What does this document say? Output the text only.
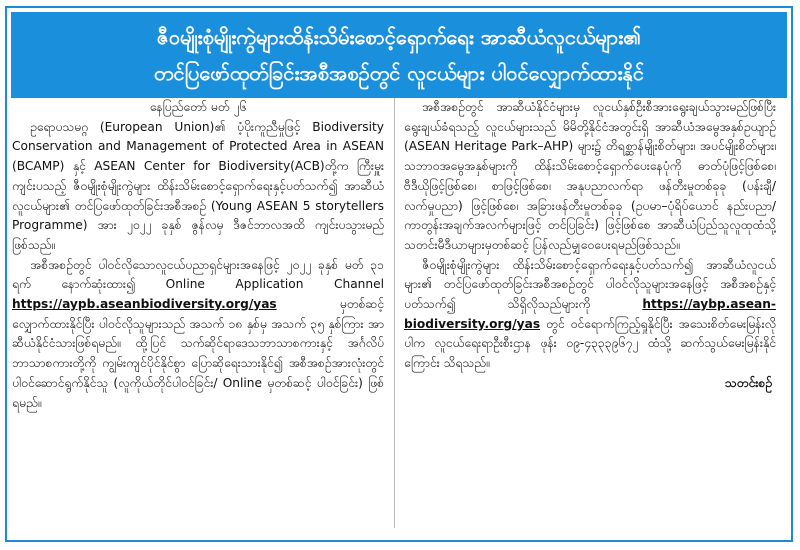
ဇီဝမျိုးစုံမျိုးကွဲများထိန်းသိမ်းစောင့်ရှောက်ရေး အာဆီယံလူငယ်များ၏
တင်ပြဖော်ထုတ်ခြင်းအစီအစဉ်တွင် လူငယ်များ ပါဝင်လျှောက်ထားနိုင်

နေပြည်တော် မတ် ၂၆

ဥရောပသမဂ္ဂ (European Union)၏ ပံ့ပိုးကူညီမှုဖြင့် Biodiversity Conservation and Management of Protected Area in ASEAN (BCAMP) နှင့် ASEAN Center for Biodiversity(ACB)တို့က ကြီးမှူးကျင်းပသည့် ဇီဝမျိုးစုံမျိုးကွဲများ ထိန်းသိမ်းစောင့်ရှောက်ရေးနှင့်ပတ်သက်၍ အာဆီယံလူငယ်များ၏ တင်ပြဖော်ထုတ်ခြင်းအစီအစဉ် (Young ASEAN 5 storytellers Programme) အား ၂၀၂၂ ခုနှစ် ဇွန်လမှ ဒီဇင်ဘာလအထိ ကျင်းပသွားမည်ဖြစ်သည်။

အစီအစဉ်တွင် ပါဝင်လိုသောလူငယ်ပညာရှင်များအနေဖြင့် ၂၀၂၂ ခုနှစ် မတ် ၃၁ ရက် နောက်ဆုံးထား၍ Online Application Channel https://aypb.aseanbiodiversity.org/yas မှတစ်ဆင့် လျှောက်ထားနိုင်ပြီး ပါဝင်လိုသူများသည် အသက် ၁၈ နှစ်မှ အသက် ၃၅ နှစ်ကြား အာဆီယံနိုင်ငံသားဖြစ်ရမည်။ ထို့ပြင် သက်ဆိုင်ရာဒေသဘာသာစကားနှင့် အင်္ဂလိပ်ဘာသာစကားတို့ကို ကျွမ်းကျင်ပိုင်နိုင်စွာ ပြောဆိုရေးသားနိုင်၍ အစီအစဉ်အားလုံးတွင် ပါဝင်ဆောင်ရွက်နိုင်သူ (လူကိုယ်တိုင်ပါဝင်ခြင်း/ Online မှတစ်ဆင့် ပါဝင်ခြင်း) ဖြစ်ရမည်။

အစီအစဉ်တွင် အာဆီယံနိုင်ငံများမှ လူငယ်နှစ်ဦးစီအားရွေးချယ်သွားမည်ဖြစ်ပြီး ရွေးချယ်ခံရသည့် လူငယ်များသည် မိမိတို့နိုင်ငံအတွင်းရှိ အာဆီယံအမွေအနှစ်ဥယျာဉ် (ASEAN Heritage Park–AHP) များ၌ တိရစ္ဆာန်မျိုးစိတ်များ၊ အပင်မျိုးစိတ်များ၊ သဘာဝအမွေအနှစ်များကို ထိန်းသိမ်းစောင့်ရှောက်ပေးနေပုံကို ဓာတ်ပုံဖြင့်ဖြစ်စေ၊ ဗီဒီယိုဖြင့်ဖြစ်စေ၊ စာဖြင့်ဖြစ်စေ၊ အနုပညာလက်ရာ ဖန်တီးမှုတစ်ခုခု (ပန်းချီ/လက်မှုပညာ) ဖြင့်ဖြစ်စေ၊ အခြားဖန်တီးမှုတစ်ခုခု (ဥပမာ–ပုံရိပ်ယောင် နည်းပညာ/ ကာတွန်းအချက်အလက်များဖြင့် တင်ပြခြင်း) ဖြင့်ဖြစ်စေ အာဆီယံပြည်သူလူထုထံသို့ သတင်းမီဒီယာများမှတစ်ဆင့် ပြန်လည်မျှဝေပေးရမည်ဖြစ်သည်။

ဇီဝမျိုးစုံမျိုးကွဲများ ထိန်းသိမ်းစောင့်ရှောက်ရေးနှင့်ပတ်သက်၍ အာဆီယံလူငယ်များ၏ တင်ပြဖော်ထုတ်ခြင်းအစီအစဉ်တွင် ပါဝင်လိုသူများအနေဖြင့် အစီအစဉ်နှင့်ပတ်သက်၍ သိရှိလိုသည်များကို https://aybp.asean-biodiversity.org/yas တွင် ဝင်ရောက်ကြည့်ရှုနိုင်ပြီး အသေးစိတ်မေးမြန်းလိုပါက လူငယ်ရေးရာဦးစီးဌာန ဖုန်း ၀၉-၄၃၃၃၉၆၇၂ ထံသို့ ဆက်သွယ်မေးမြန်းနိုင်ကြောင်း သိရသည်။

သတင်းစဉ်
